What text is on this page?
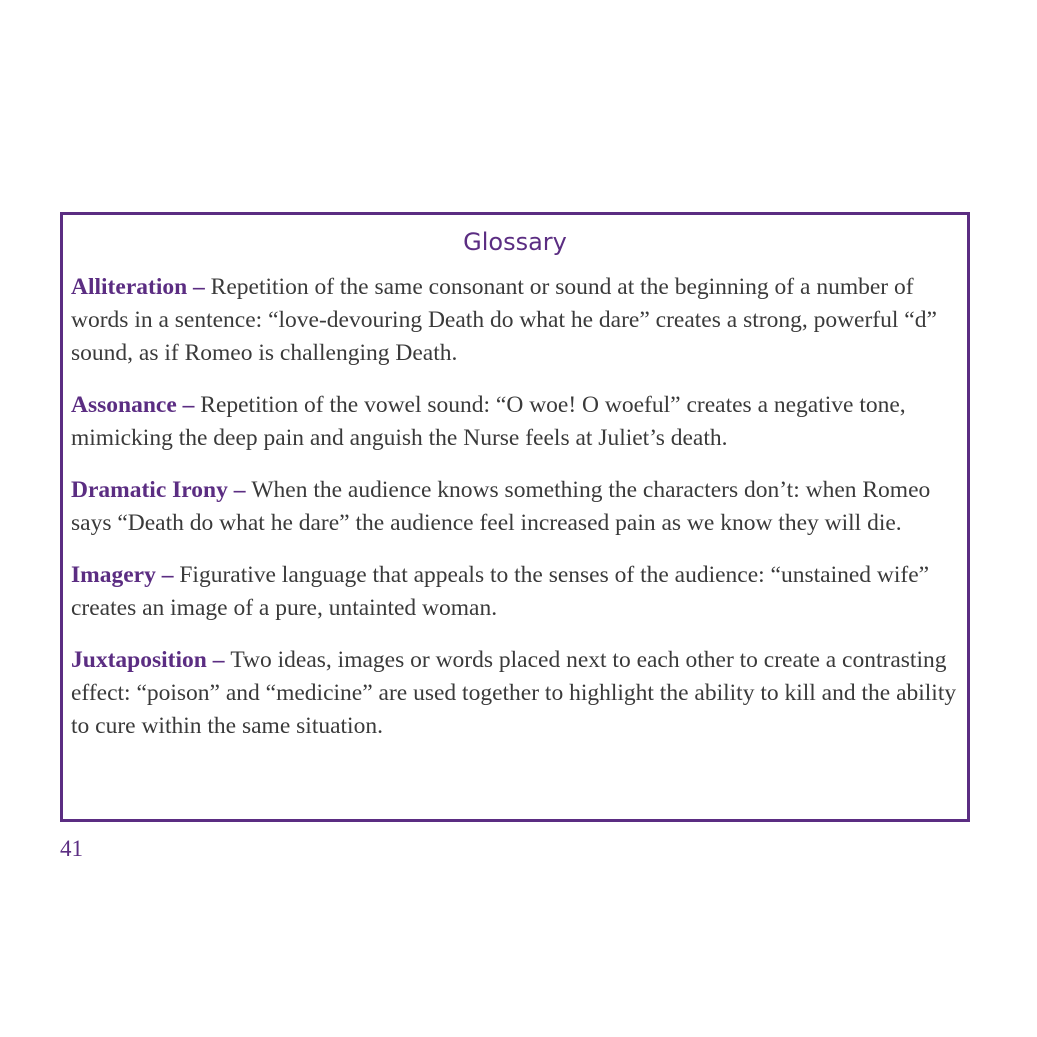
Glossary

Alliteration – Repetition of the same consonant or sound at the beginning of a number of words in a sentence: “love-devouring Death do what he dare” creates a strong, powerful “d” sound, as if Romeo is challenging Death.

Assonance – Repetition of the vowel sound: “O woe! O woeful” creates a negative tone, mimicking the deep pain and anguish the Nurse feels at Juliet’s death.

Dramatic Irony – When the audience knows something the characters don’t: when Romeo says “Death do what he dare” the audience feel increased pain as we know they will die.

Imagery – Figurative language that appeals to the senses of the audience: “unstained wife” creates an image of a pure, untainted woman.

Juxtaposition – Two ideas, images or words placed next to each other to create a contrasting effect: “poison” and “medicine” are used together to highlight the ability to kill and the ability to cure within the same situation.

41
